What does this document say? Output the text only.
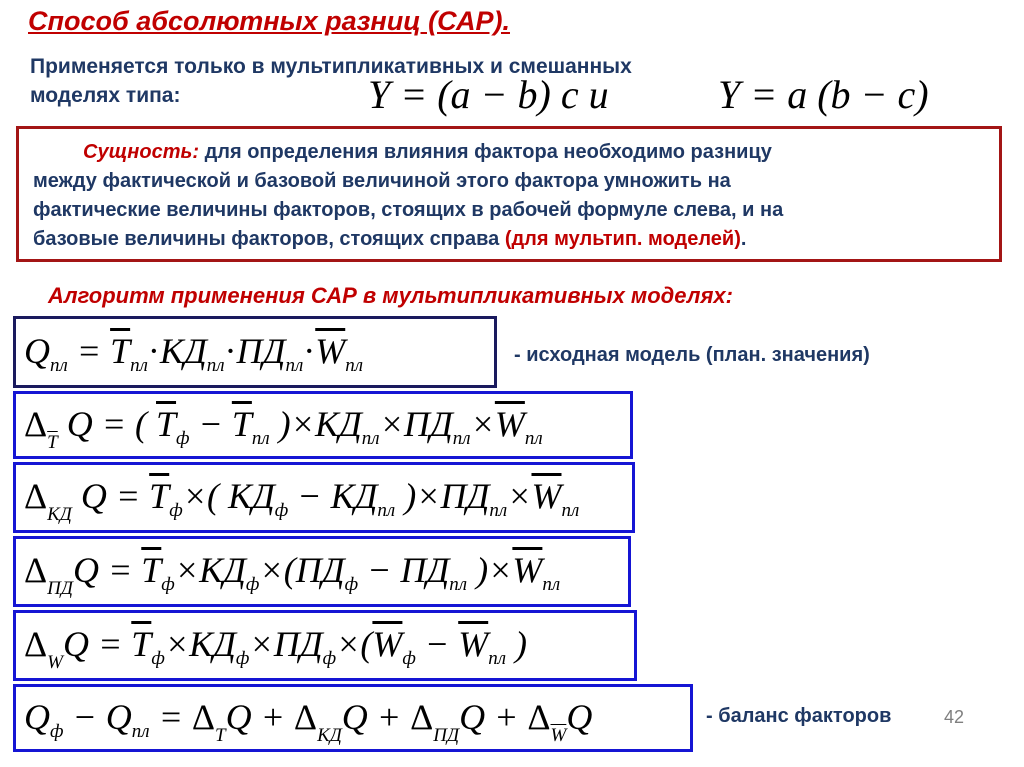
Способ абсолютных разниц (САР).
Применяется только в мультипликативных и смешанных
моделях типа:	Y = (a − b) c и	Y = a (b − c)
Сущность: для определения влияния фактора необходимо разницу
между фактической и базовой величиной этого фактора умножить на
фактические величины факторов, стоящих в рабочей формуле слева, и на
базовые величины факторов, стоящих справа (для мультип. моделей).
Алгоритм применения САР в мультипликативных моделях:
Qпл = $\overline{T}пл\cdot КДпл\cdot ПДпл\cdot\overline{W}пл$	- исходная модель (план. значения)
$\Delta\overline{T}$ Q = ( $\overline{T}ф - \overline{T}пл$ )$\times КДпл\times ПДпл\times\overline{W}пл$
ΔКД $Q = \overline{T}ф\times$( КДф − КДпл )$\times ПДпл\times\overline{W}пл$
$\Delta ПДQ = \overline{T}ф\times КДф\times(ПДф$ − ПДпл )$\times\overline{W}пл$
$\Delta WQ = \overline{T}ф\times КДф\times ПДф\times(\overline{W}ф - \overline{W}пл$ )
Qф − Qпл = $\Delta TQ + \Delta КДQ + \Delta ПДQ + \Delta\overline{W}Q$	- баланс факторов	42
